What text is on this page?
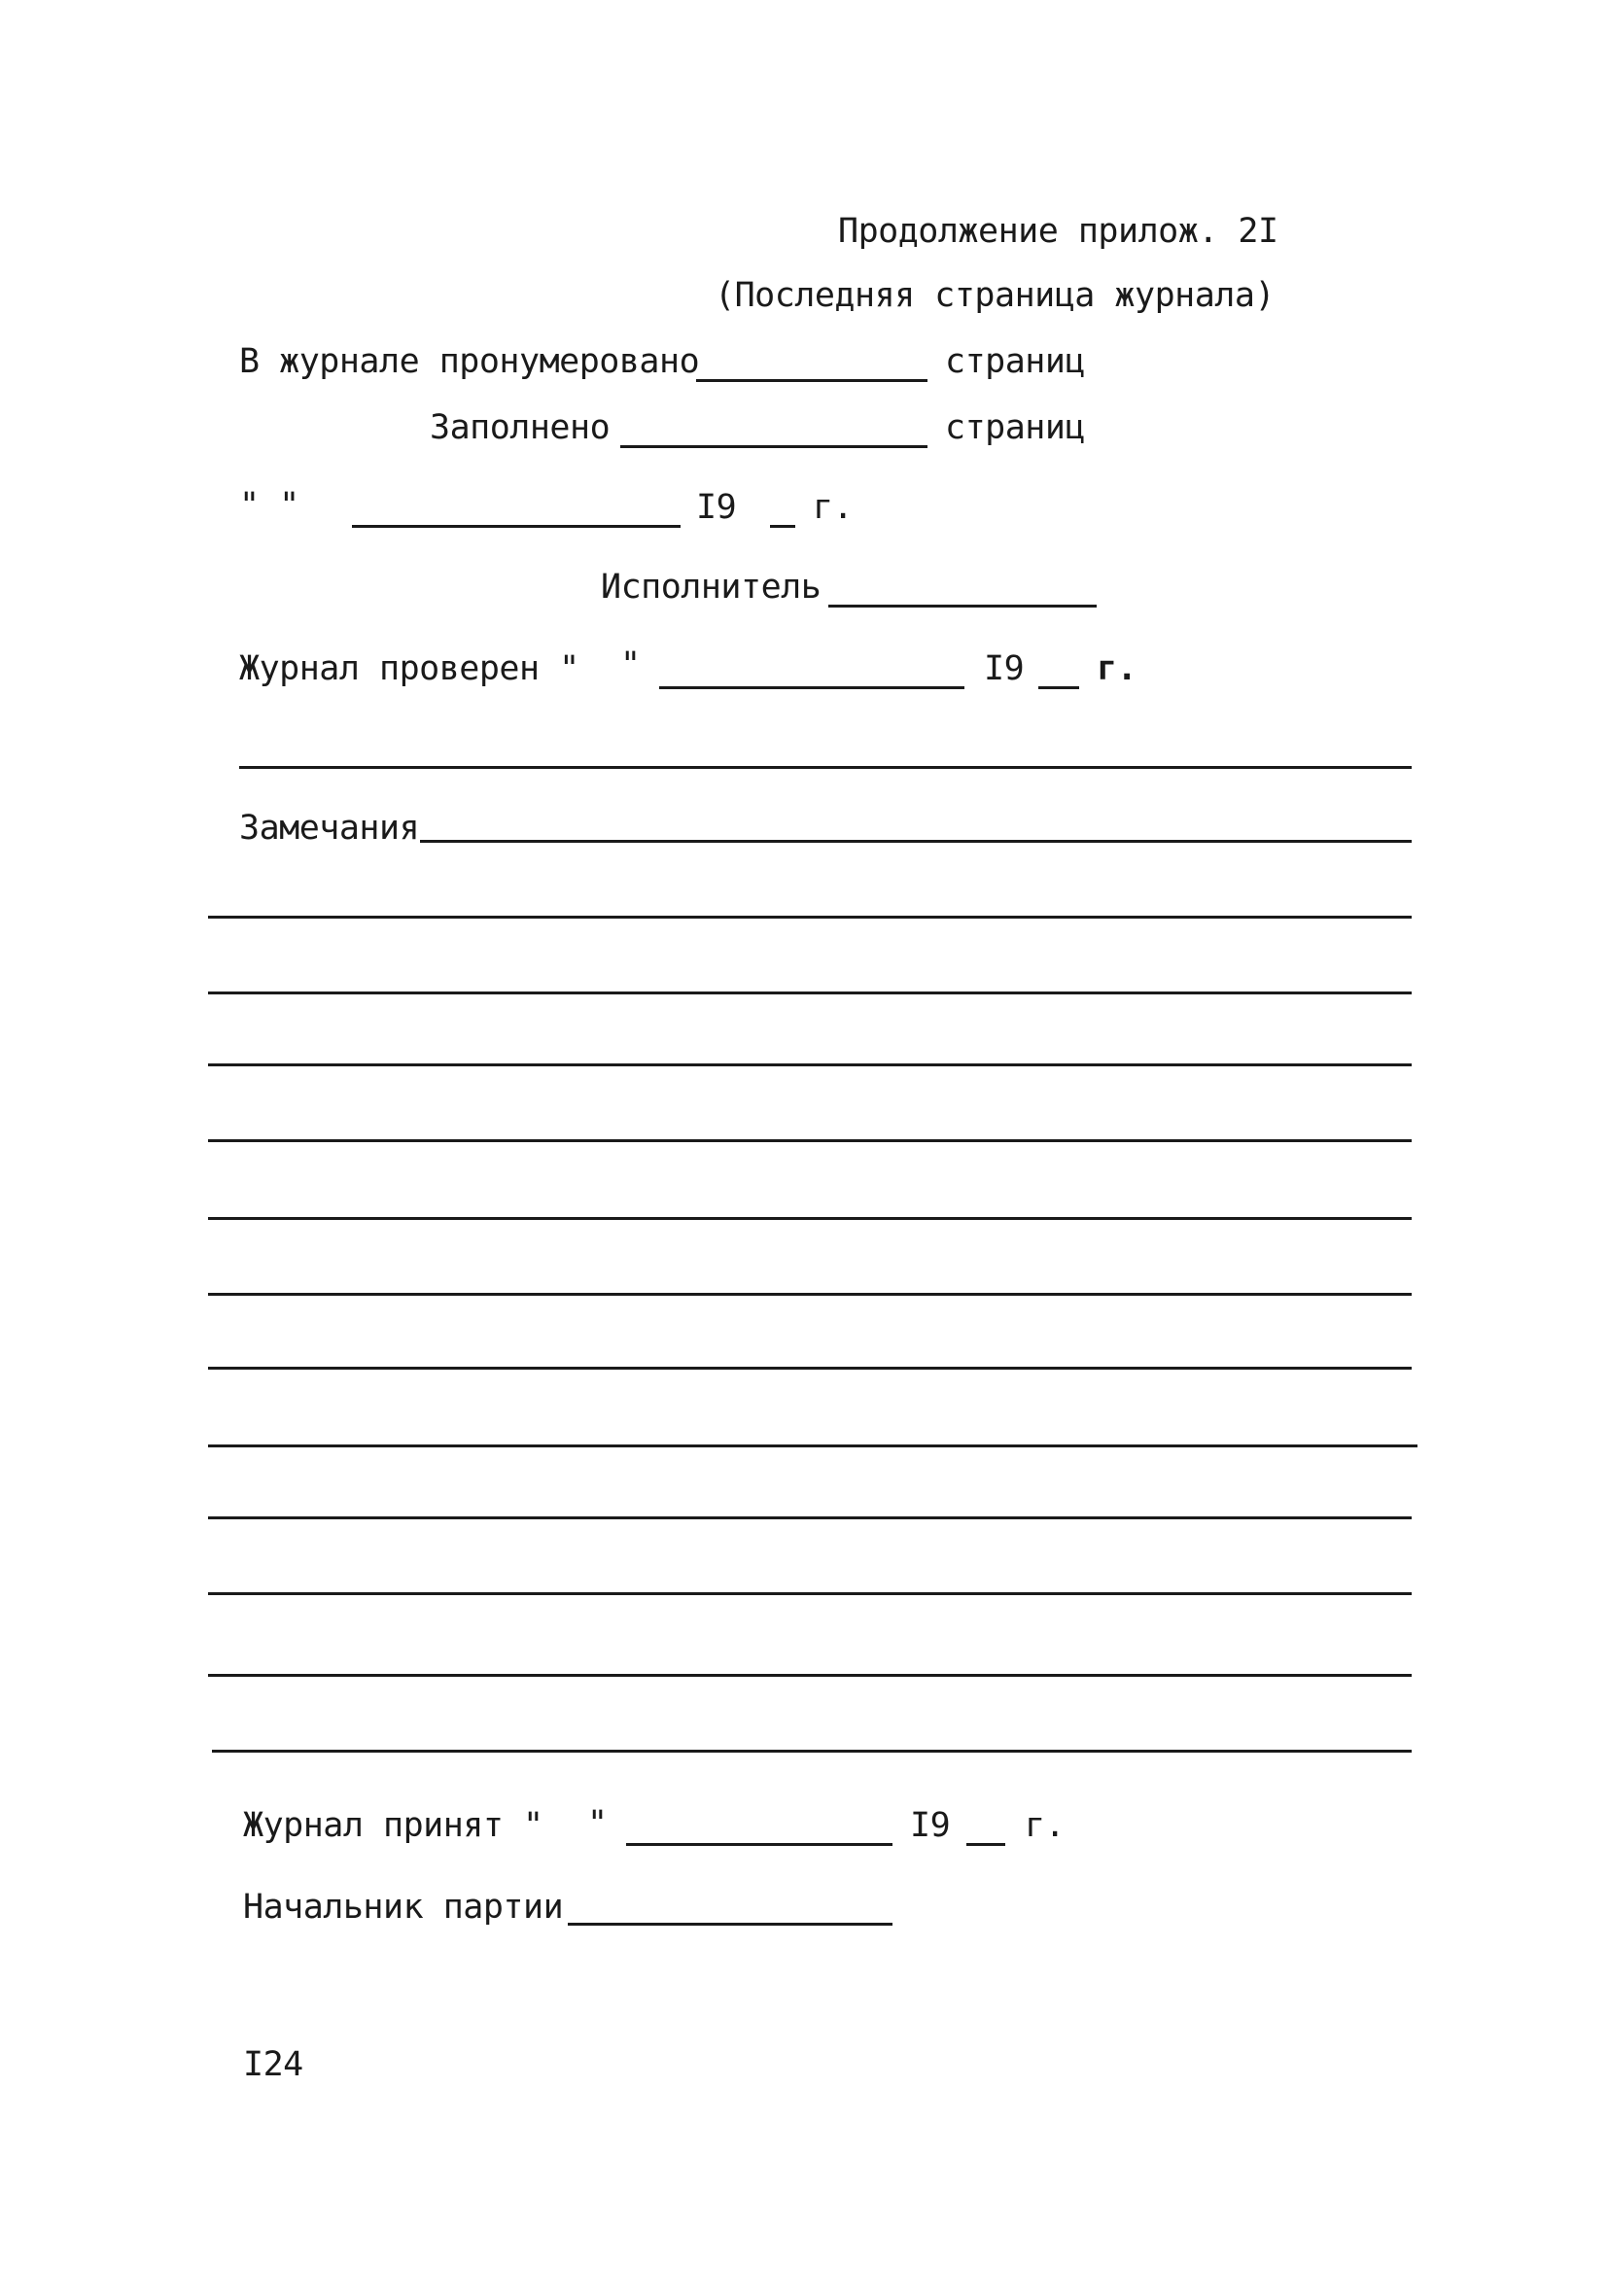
Продолжение прилож. 2I
(Последняя страница журнала)
В журнале пронумеровано	страниц
Заполнено	страниц
" "	I9 г.
Исполнитель
Журнал проверен " "	I9 г.
Замечания
Журнал принят " "	I9 г.
Начальник партии
I24
